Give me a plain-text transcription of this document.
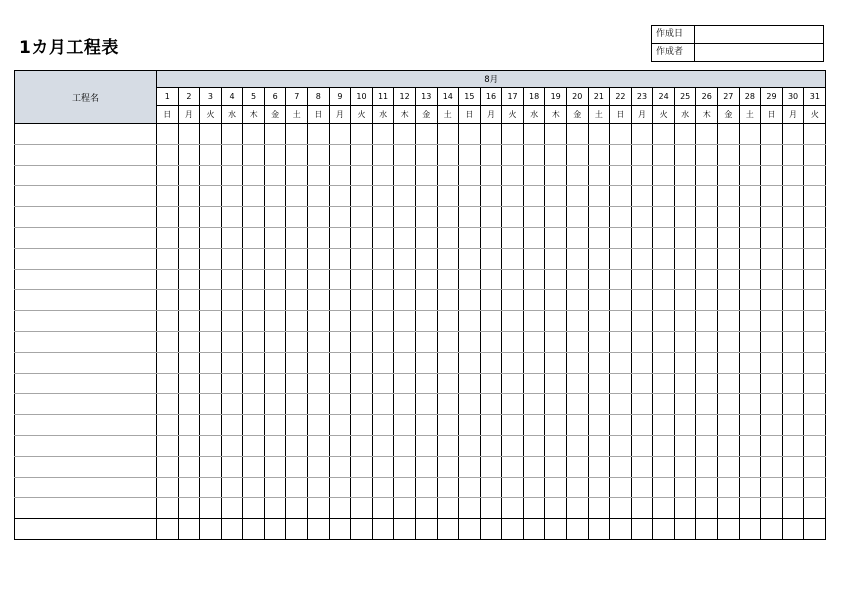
1カ月工程表
作成日	
作成者	
工程名	8月																														
	1	2	3	4	5	6	7	8	9	10	11	12	13	14	15	16	17	18	19	20	21	22	23	24	25	26	27	28	29	30	31
	日	月	火	水	木	金	土	日	月	火	水	木	金	土	日	月	火	水	木	金	土	日	月	火	水	木	金	土	日	月	火
